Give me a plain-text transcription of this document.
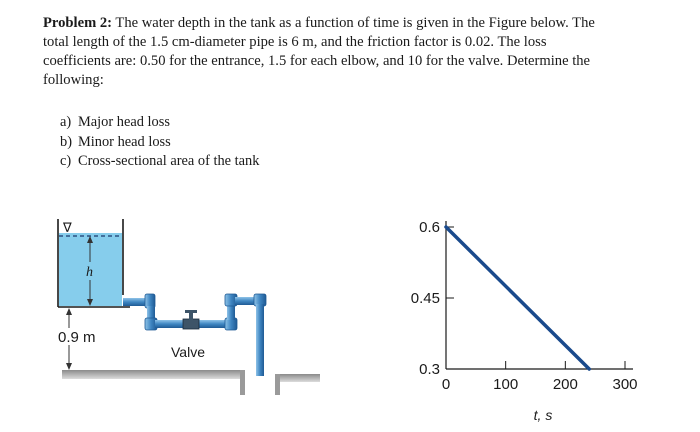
Problem 2: The water depth in the tank as a function of time is given in the Figure below. The
total length of the 1.5 cm-diameter pipe is 6 m, and the friction factor is 0.02. The loss
coefficients are: 0.50 for the entrance, 1.5 for each elbow, and 10 for the valve. Determine the
following:
a) Major head loss
b) Minor head loss
c) Cross-sectional area of the tank
∇
h
0.9 m
Valve
0.3
0.45
0.6
0	100 200 300
t, s
